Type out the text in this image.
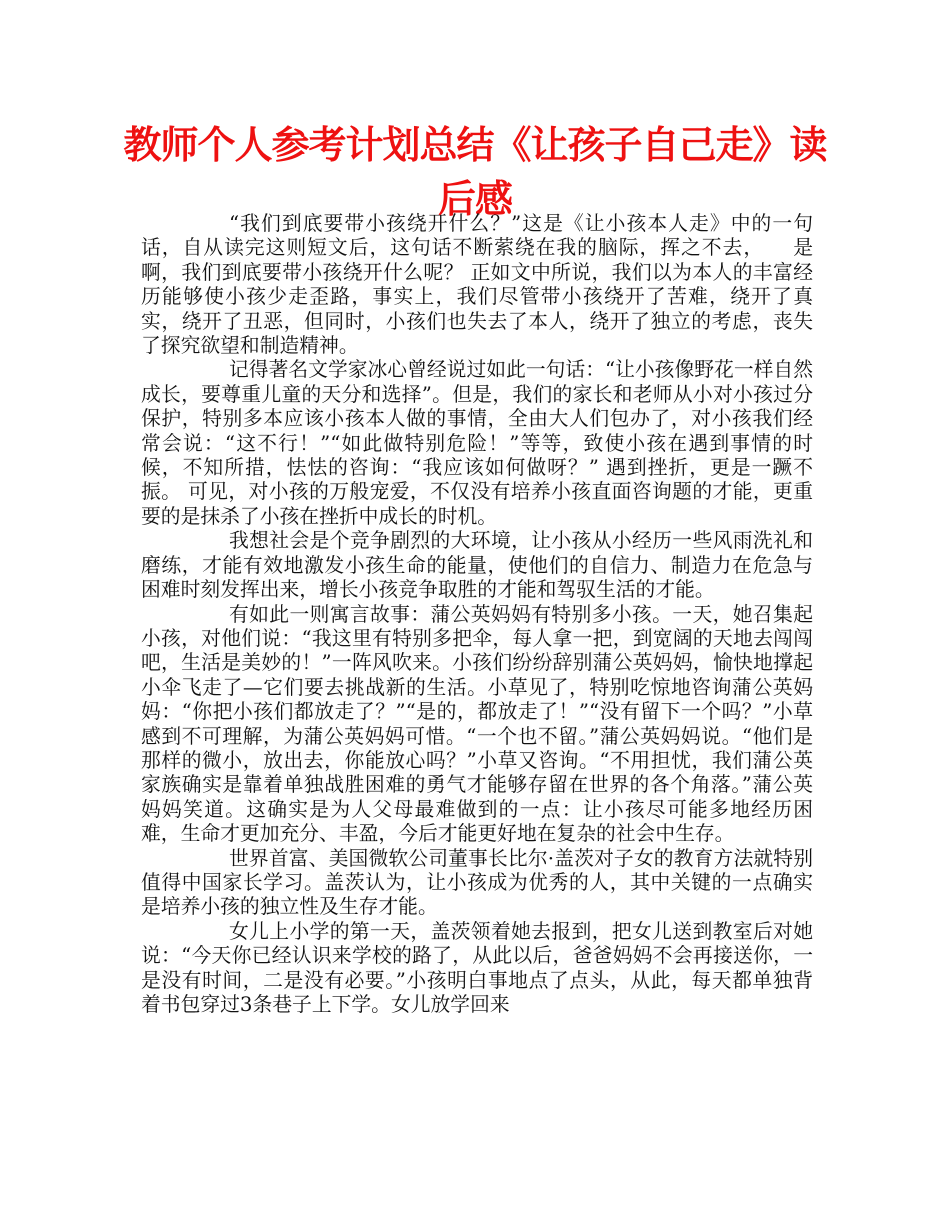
教师个人参考计划总结《让孩子自己走》读后感

“我们到底要带小孩绕开什么？”这是《让小孩本人走》中的一句话，自从读完这则短文后，这句话不断萦绕在我的脑际，挥之不去，    是啊，我们到底要带小孩绕开什么呢？ 正如文中所说，我们以为本人的丰富经历能够使小孩少走歪路，事实上，我们尽管带小孩绕开了苦难，绕开了真实，绕开了丑恶，但同时，小孩们也失去了本人，绕开了独立的考虑，丧失了探究欲望和制造精神。

记得著名文学家冰心曾经说过如此一句话：“让小孩像野花一样自然成长，要尊重儿童的天分和选择”。但是，我们的家长和老师从小对小孩过分保护，特别多本应该小孩本人做的事情，全由大人们包办了，对小孩我们经常会说：“这不行！”“如此做特别危险！”等等，致使小孩在遇到事情的时候，不知所措，怯怯的咨询：“我应该如何做呀？” 遇到挫折，更是一蹶不振。 可见，对小孩的万般宠爱，不仅没有培养小孩直面咨询题的才能，更重要的是抹杀了小孩在挫折中成长的时机。

我想社会是个竞争剧烈的大环境，让小孩从小经历一些风雨洗礼和磨练，才能有效地激发小孩生命的能量，使他们的自信力、制造力在危急与困难时刻发挥出来，增长小孩竞争取胜的才能和驾驭生活的才能。

有如此一则寓言故事：蒲公英妈妈有特别多小孩。一天，她召集起小孩，对他们说：“我这里有特别多把伞，每人拿一把，到宽阔的天地去闯闯吧，生活是美妙的！”一阵风吹来。小孩们纷纷辞别蒲公英妈妈，愉快地撑起小伞飞走了—它们要去挑战新的生活。小草见了，特别吃惊地咨询蒲公英妈妈：“你把小孩们都放走了？”“是的，都放走了！”“没有留下一个吗？”小草感到不可理解，为蒲公英妈妈可惜。“一个也不留。”蒲公英妈妈说。“他们是那样的微小，放出去，你能放心吗？”小草又咨询。“不用担忧，我们蒲公英家族确实是靠着单独战胜困难的勇气才能够存留在世界的各个角落。”蒲公英妈妈笑道。这确实是为人父母最难做到的一点：让小孩尽可能多地经历困难，生命才更加充分、丰盈，今后才能更好地在复杂的社会中生存。

世界首富、美国微软公司董事长比尔·盖茨对子女的教育方法就特别值得中国家长学习。盖茨认为，让小孩成为优秀的人，其中关键的一点确实是培养小孩的独立性及生存才能。

女儿上小学的第一天，盖茨领着她去报到，把女儿送到教室后对她说：“今天你已经认识来学校的路了，从此以后，爸爸妈妈不会再接送你，一是没有时间，二是没有必要。”小孩明白事地点了点头，从此，每天都单独背着书包穿过3条巷子上下学。女儿放学回来
